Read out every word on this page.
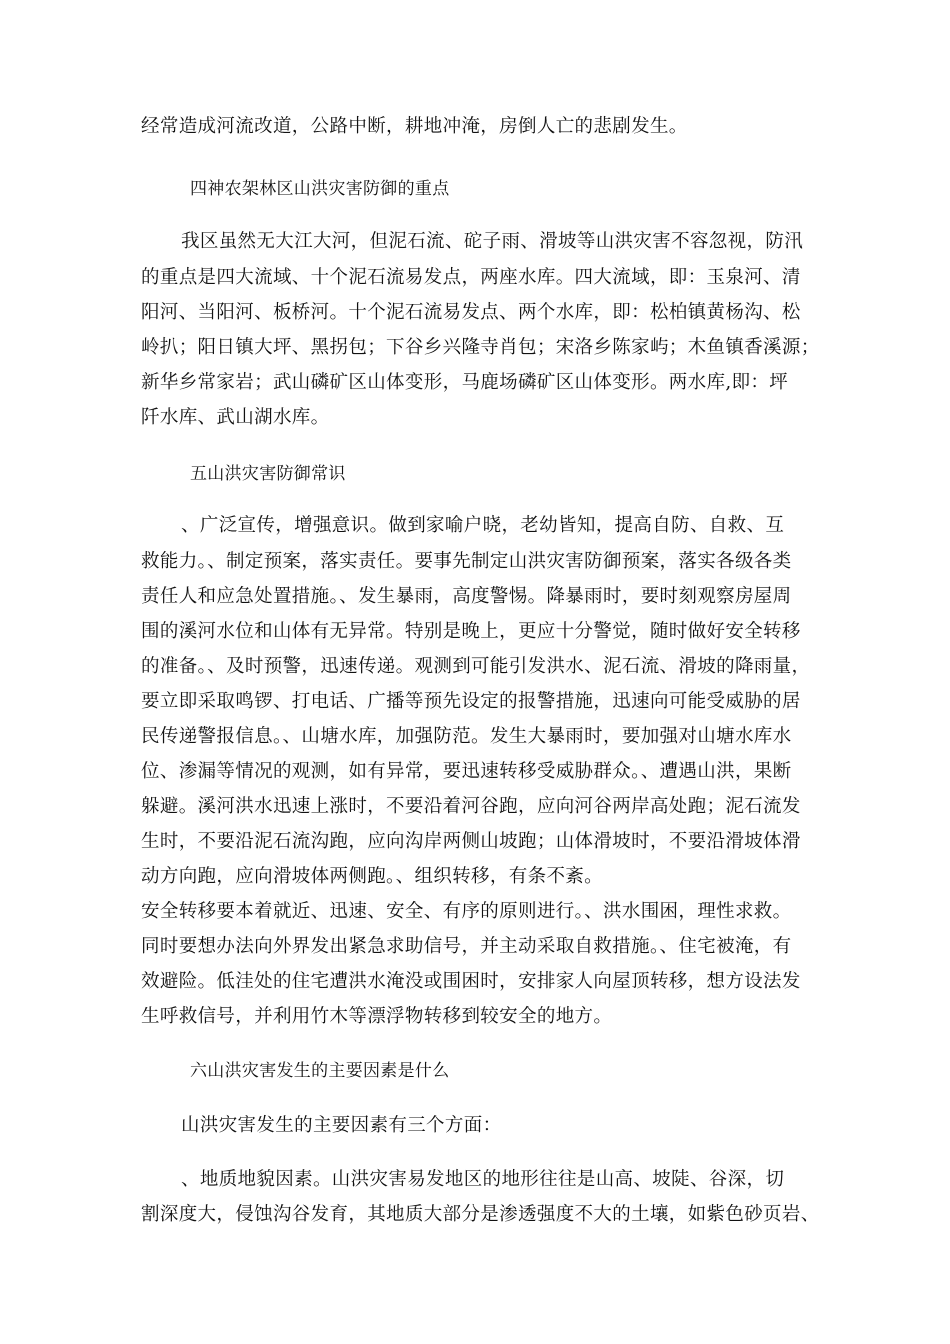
经常造成河流改道，公路中断，耕地冲淹，房倒人亡的悲剧发生。

四神农架林区山洪灾害防御的重点

我区虽然无大江大河，但泥石流、砣子雨、滑坡等山洪灾害不容忽视，防汛

的重点是四大流域、十个泥石流易发点，两座水库。四大流域，即：玉泉河、清

阳河、当阳河、板桥河。十个泥石流易发点、两个水库，即：松柏镇黄杨沟、松

岭扒；阳日镇大坪、黑拐包；下谷乡兴隆寺肖包；宋洛乡陈家屿；木鱼镇香溪源；

新华乡常家岩；武山磷矿区山体变形，马鹿场磷矿区山体变形。两水库,即：坪

阡水库、武山湖水库。

五山洪灾害防御常识

、广泛宣传，增强意识。做到家喻户晓，老幼皆知，提高自防、自救、互

救能力。、制定预案，落实责任。要事先制定山洪灾害防御预案，落实各级各类

责任人和应急处置措施。、发生暴雨，高度警惕。降暴雨时，要时刻观察房屋周

围的溪河水位和山体有无异常。特别是晚上，更应十分警觉，随时做好安全转移

的准备。、及时预警，迅速传递。观测到可能引发洪水、泥石流、滑坡的降雨量，

要立即采取鸣锣、打电话、广播等预先设定的报警措施，迅速向可能受威胁的居

民传递警报信息。、山塘水库，加强防范。发生大暴雨时，要加强对山塘水库水

位、渗漏等情况的观测，如有异常，要迅速转移受威胁群众。、遭遇山洪，果断

躲避。溪河洪水迅速上涨时，不要沿着河谷跑，应向河谷两岸高处跑；泥石流发

生时，不要沿泥石流沟跑，应向沟岸两侧山坡跑；山体滑坡时，不要沿滑坡体滑

动方向跑，应向滑坡体两侧跑。、组织转移，有条不紊。

安全转移要本着就近、迅速、安全、有序的原则进行。、洪水围困，理性求救。

同时要想办法向外界发出紧急求助信号，并主动采取自救措施。、住宅被淹，有

效避险。低洼处的住宅遭洪水淹没或围困时，安排家人向屋顶转移，想方设法发

生呼救信号，并利用竹木等漂浮物转移到较安全的地方。

六山洪灾害发生的主要因素是什么

山洪灾害发生的主要因素有三个方面：

、地质地貌因素。山洪灾害易发地区的地形往往是山高、坡陡、谷深，切

割深度大，侵蚀沟谷发育，其地质大部分是渗透强度不大的土壤，如紫色砂页岩、
